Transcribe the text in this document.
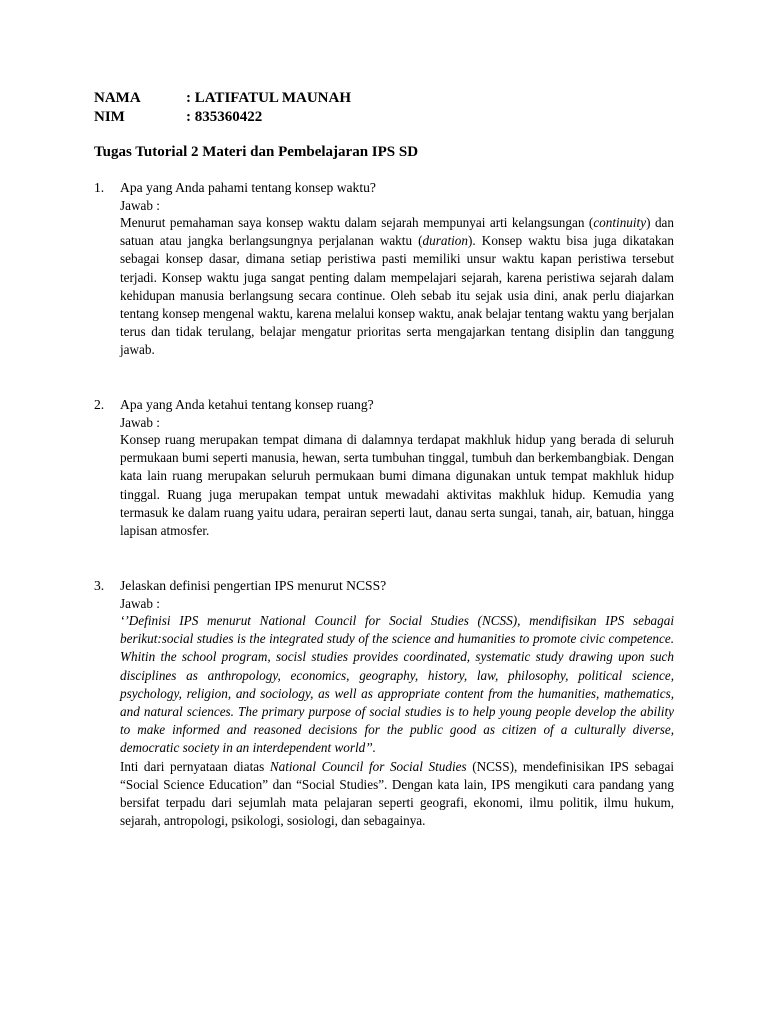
NAMA	: LATIFATUL MAUNAH
NIM	: 835360422
Tugas Tutorial 2 Materi dan Pembelajaran IPS SD
1. Apa yang Anda pahami tentang konsep waktu?
Jawab :
Menurut pemahaman saya konsep waktu dalam sejarah mempunyai arti kelangsungan (continuity) dan satuan atau jangka berlangsungnya perjalanan waktu (duration). Konsep waktu bisa juga dikatakan sebagai konsep dasar, dimana setiap peristiwa pasti memiliki unsur waktu kapan peristiwa tersebut terjadi. Konsep waktu juga sangat penting dalam mempelajari sejarah, karena peristiwa sejarah dalam kehidupan manusia berlangsung secara continue. Oleh sebab itu sejak usia dini, anak perlu diajarkan tentang konsep mengenal waktu, karena melalui konsep waktu, anak belajar tentang waktu yang berjalan terus dan tidak terulang, belajar mengatur prioritas serta mengajarkan tentang disiplin dan tanggung jawab.
2. Apa yang Anda ketahui tentang konsep ruang?
Jawab :
Konsep ruang merupakan tempat dimana di dalamnya terdapat makhluk hidup yang berada di seluruh permukaan bumi seperti manusia, hewan, serta tumbuhan tinggal, tumbuh dan berkembangbiak. Dengan kata lain ruang merupakan seluruh permukaan bumi dimana digunakan untuk tempat makhluk hidup tinggal. Ruang juga merupakan tempat untuk mewadahi aktivitas makhluk hidup. Kemudia yang termasuk ke dalam ruang yaitu udara, perairan seperti laut, danau serta sungai, tanah, air, batuan, hingga lapisan atmosfer.
3. Jelaskan definisi pengertian IPS menurut NCSS?
Jawab :
‘’Definisi IPS menurut National Council for Social Studies (NCSS), mendifisikan IPS sebagai berikut:social studies is the integrated study of the science and humanities to promote civic competence. Whitin the school program, socisl studies provides coordinated, systematic study drawing upon such disciplines as anthropology, economics, geography, history, law, philosophy, political science, psychology, religion, and sociology, as well as appropriate content from the humanities, mathematics, and natural sciences. The primary purpose of social studies is to help young people develop the ability to make informed and reasoned decisions for the public good as citizen of a culturally diverse, democratic society in an interdependent world’’.
Inti dari pernyataan diatas National Council for Social Studies (NCSS), mendefinisikan IPS sebagai “Social Science Education” dan “Social Studies”. Dengan kata lain, IPS mengikuti cara pandang yang bersifat terpadu dari sejumlah mata pelajaran seperti geografi, ekonomi, ilmu politik, ilmu hukum, sejarah, antropologi, psikologi, sosiologi, dan sebagainya.
